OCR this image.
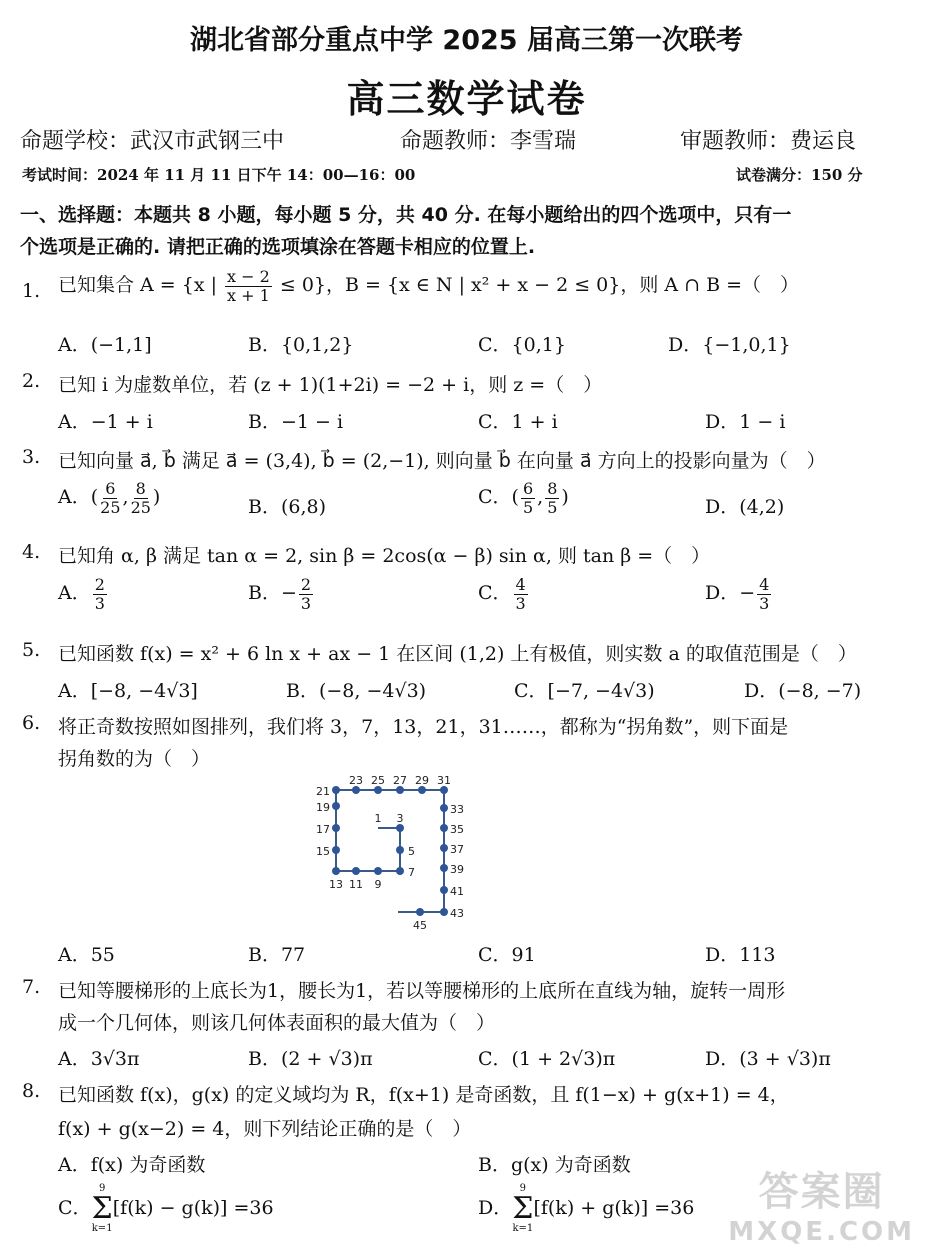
湖北省部分重点中学 2025 届高三第一次联考
高三数学试卷
命题学校：武汉市武钢三中	命题教师：李雪瑞	审题教师：费运良
考试时间：2024 年 11 月 11 日下午 14：00—16：00	试卷满分：150 分
一、选择题：本题共 8 小题，每小题 5 分，共 40 分. 在每小题给出的四个选项中，只有一
个选项是正确的. 请把正确的选项填涂在答题卡相应的位置上.
1. 已知集合 A = {x | $\frac{x - 2}{x + 1} \le 0$}，B = {x ∈ N | x² + x − 2 ≤ 0}，则 A ∩ B =（　）
A．(−1,1]	B．{0,1,2}	C．{0,1}	D．{−1,0,1}
2. 已知 i 为虚数单位，若 (z + 1)(1+2i) = −2 + i，则 z =（　）
A．−1 + i	B．−1 − i	C．1 + i	D．1 − i
3. 已知向量 a⃗, b⃗ 满足 a⃗ = (3,4), b⃗ = (2,−1), 则向量 b⃗ 在向量 a⃗ 方向上的投影向量为（　）
A．( $\frac{6}{25}$ , $\frac{8}{25}$ )	B．(6,8)	C．( $\frac{6}{5}$ , $\frac{8}{5}$ )	D．(4,2)
4. 已知角 α, β 满足 tan α = 2, sin β = 2cos(α − β) sin α, 则 tan β =（　）
A． $\frac{2}{3}$	B．− $\frac{2}{3}$	C． $\frac{4}{3}$	D．− $\frac{4}{3}$
5. 已知函数 f(x) = x² + 6 ln x + ax − 1 在区间 (1,2) 上有极值，则实数 a 的取值范围是（　）
A．[−8, −4√3]	B．(−8, −4√3)	C．[−7, −4√3)	D．(−8, −7)
6. 将正奇数按照如图排列，我们将 3，7，13，21，31……，都称为“拐角数”，则下面是
拐角数的为（　）
1 3
5
7
9
11
13
15
17
19
21
23 25 27 29 31
33
35
37
39
41
43
45
A．55	B．77	C．91	D．113
7. 已知等腰梯形的上底长为1，腰长为1，若以等腰梯形的上底所在直线为轴，旋转一周形
成一个几何体，则该几何体表面积的最大值为（　）
A．3√3π	B．(2 + √3)π	C．(1 + 2√3)π	D．(3 + √3)π
8. 已知函数 f(x)，g(x) 的定义域均为 R，f(x+1) 是奇函数，且 f(1−x) + g(x+1) = 4，
f(x) + g(x−2) = 4，则下列结论正确的是（　）
A．f(x) 为奇函数	B．g(x) 为奇函数
C．
9
Σ
k=1
[f(k) − g(k)] =36	D．
9
Σ
k=1
[f(k) + g(k)] =36	答案圈
MXQE.COM
